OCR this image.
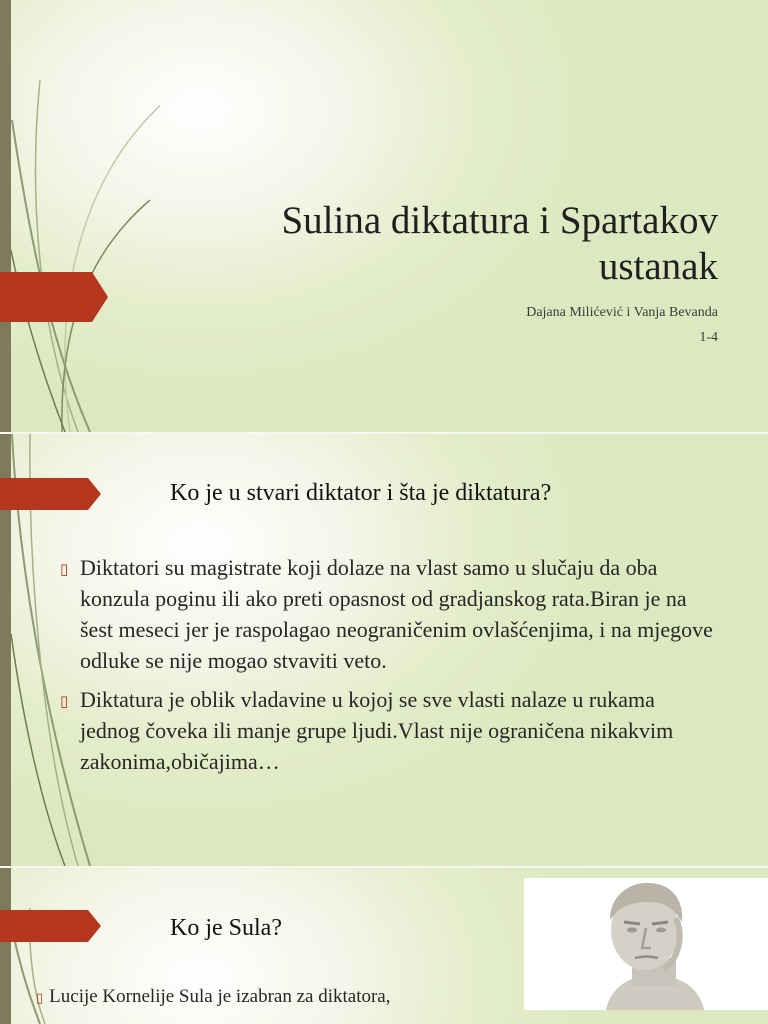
Sulina diktatura i Spartakov
ustanak
Dajana Milićević i Vanja Bevanda
1-4
Ko je u stvari diktator i šta je diktatura?
▯ Diktatori su magistrate koji dolaze na vlast samo u slučaju da oba konzula poginu ili ako preti opasnost od gradjanskog rata.Biran je na šest meseci jer je raspolagao neograničenim ovlašćenjima, i na mjegove odluke se nije mogao stvaviti veto.
▯ Diktatura je oblik vladavine u kojoj se sve vlasti nalaze u rukama jednog čoveka ili manje grupe ljudi.Vlast nije ograničena nikakvim zakonima,običajima…
Ko je Sula?
▯ Lucije Kornelije Sula je izabran za diktatora,
